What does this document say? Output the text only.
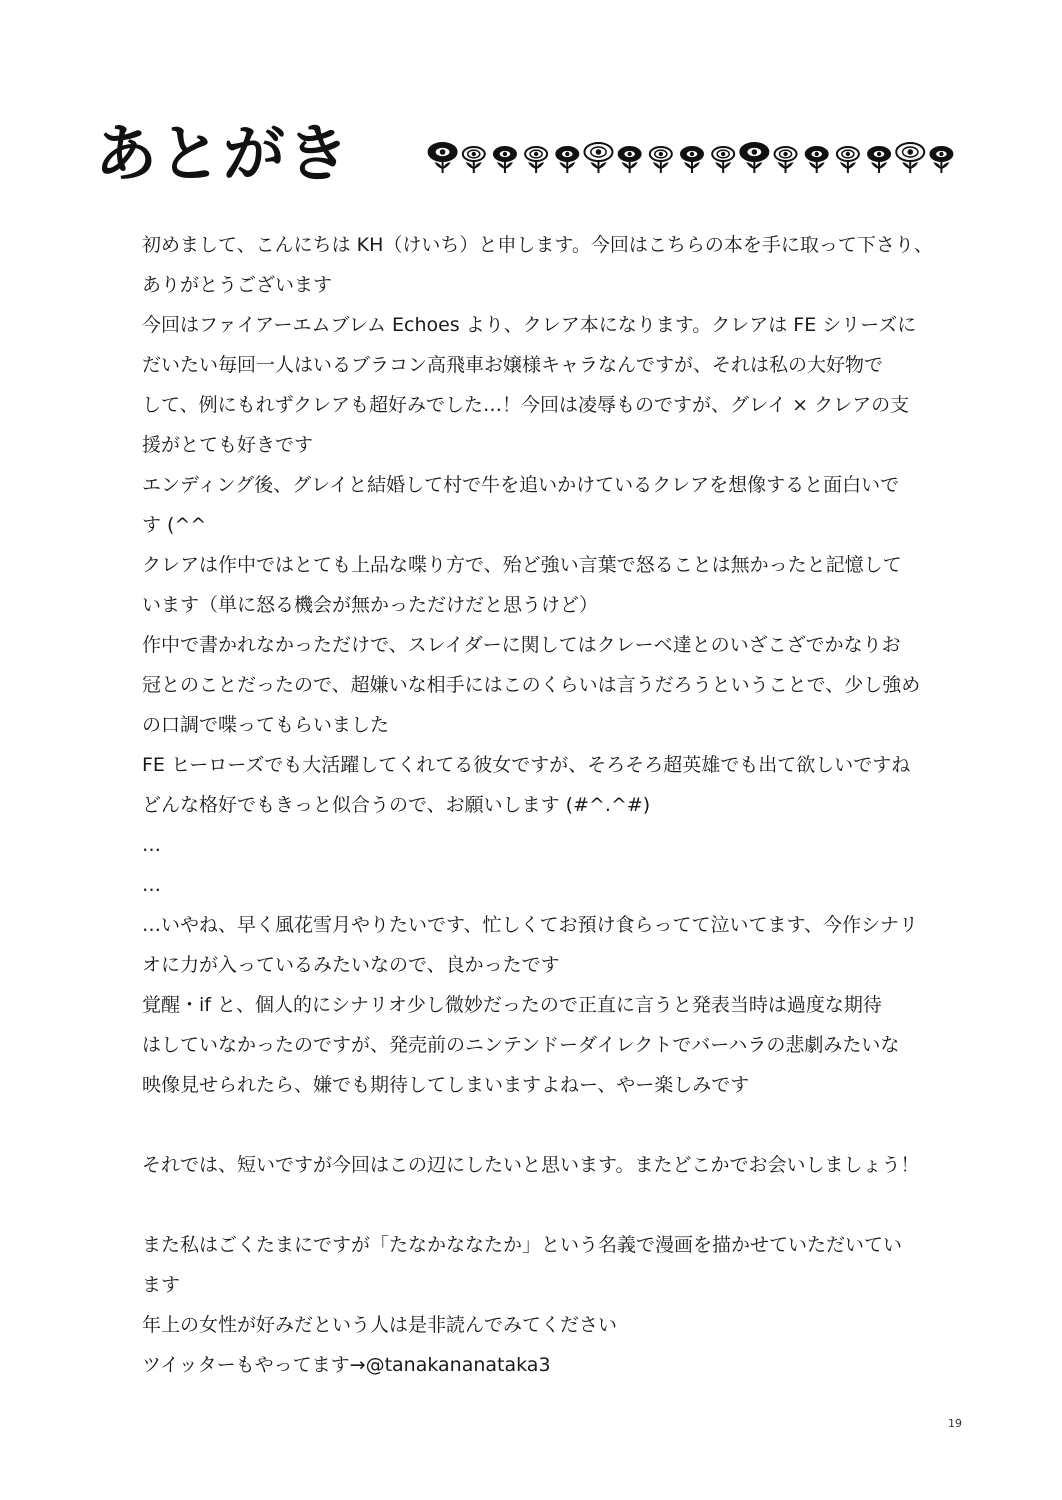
あとがき
初めまして、こんにちは KH（けいち）と申します。今回はこちらの本を手に取って下さり、
ありがとうございます
今回はファイアーエムブレム Echoes より、クレア本になります。クレアは FE シリーズに
だいたい毎回一人はいるブラコン高飛車お嬢様キャラなんですが、それは私の大好物で
して、例にもれずクレアも超好みでした…！今回は凌辱ものですが、グレイ × クレアの支
援がとても好きです
エンディング後、グレイと結婚して村で牛を追いかけているクレアを想像すると面白いで
す (^^
クレアは作中ではとても上品な喋り方で、殆ど強い言葉で怒ることは無かったと記憶して
います（単に怒る機会が無かっただけだと思うけど）
作中で書かれなかっただけで、スレイダーに関してはクレーベ達とのいざこざでかなりお
冠とのことだったので、超嫌いな相手にはこのくらいは言うだろうということで、少し強め
の口調で喋ってもらいました
FE ヒーローズでも大活躍してくれてる彼女ですが、そろそろ超英雄でも出て欲しいですね
どんな格好でもきっと似合うので、お願いします (#^.^#)
…
…
…いやね、早く風花雪月やりたいです、忙しくてお預け食らってて泣いてます、今作シナリ
オに力が入っているみたいなので、良かったです
覚醒・if と、個人的にシナリオ少し微妙だったので正直に言うと発表当時は過度な期待
はしていなかったのですが、発売前のニンテンドーダイレクトでバーハラの悲劇みたいな
映像見せられたら、嫌でも期待してしまいますよねー、やー楽しみです
それでは、短いですが今回はこの辺にしたいと思います。またどこかでお会いしましょう！
また私はごくたまにですが「たなかななたか」という名義で漫画を描かせていただいてい
ます
年上の女性が好みだという人は是非読んでみてください
ツイッターもやってます→@tanakananataka3
19
